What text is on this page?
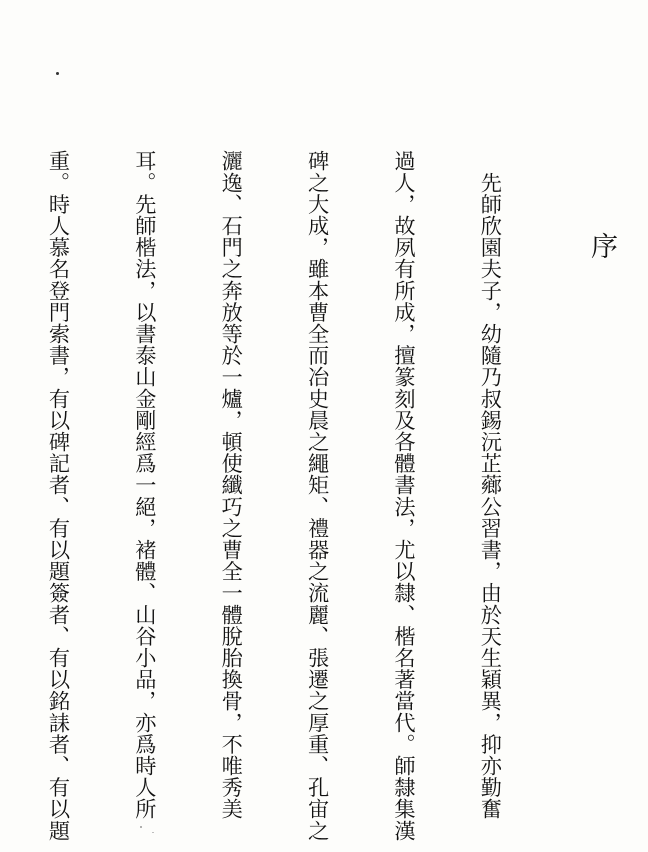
序

　先師欣園夫子，幼隨乃叔錫沅芷薌公習書，由於天生穎異，抑亦勤奮

過人，故夙有所成，擅篆刻及各體書法，尤以隸、楷名著當代。師隸集漢

碑之大成，雖本曹全而冶史晨之繩矩、禮器之流麗、張遷之厚重、孔宙之

灑逸、石門之奔放等於一爐，頓使纖巧之曹全一體脫胎換骨，不唯秀美

耳。先師楷法，以書泰山金剛經爲一絕，褚體、山谷小品，亦爲時人所

重。時人慕名登門索書，有以碑記者、有以題簽者、有以銘誄者、有以題
